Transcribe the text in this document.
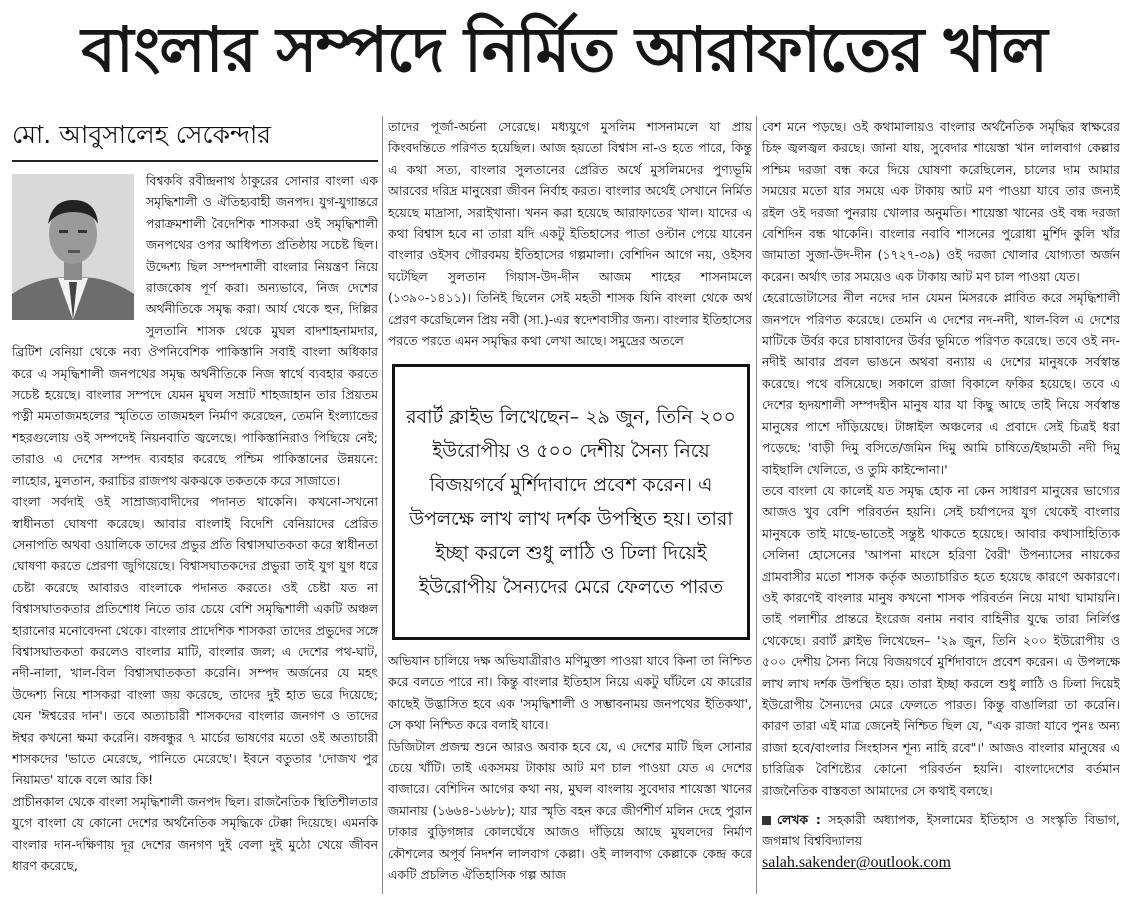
বাংলার সম্পদে নির্মিত আরাফাতের খাল
মো. আবুসালেহ সেকেন্দার

বিশ্বকবি রবীন্দ্রনাথ ঠাকুরের সোনার বাংলা এক সমৃদ্ধিশালী ও ঐতিহ্যবাহী জনপদ। যুগ-যুগান্তরে পরাক্রমশালী বৈদেশিক শাসকরা ওই সমৃদ্ধিশালী জনপথের ওপর আধিপত্য প্রতিষ্ঠায় সচেষ্ট ছিল। উদ্দেশ্য ছিল সম্পদশালী বাংলার নিয়ন্ত্রণ নিয়ে রাজকোষ পূর্ণ করা। অন্যভাবে, নিজ দেশের অর্থনীতিকে সমৃদ্ধ করা। আর্য থেকে হুন, দিল্লির সুলতানি শাসক থেকে মুঘল বাদশাহনামদার, ব্রিটিশ বেনিয়া থেকে নব্য ঔপনিবেশিক পাকিস্তানি সবাই বাংলা অধিকার করে এ সমৃদ্ধিশালী জনপথের সমৃদ্ধ অর্থনীতিকে নিজ স্বার্থে ব্যবহার করতে সচেষ্ট হয়েছে। বাংলার সম্পদে যেমন মুঘল সম্রাট শাহজাহান তার প্রিয়তম পত্নী মমতাজমহলের স্মৃতিতে তাজমহল নির্মাণ করেছেন, তেমনি ইংল্যান্ডের শহরগুলোয় ওই সম্পদেই নিয়নবাতি জ্বলেছে। পাকিস্তানিরাও পিছিয়ে নেই; তারাও এ দেশের সম্পদ ব্যবহার করেছে পশ্চিম পাকিস্তানের উন্নয়নে: লাহোর, মুলতান, করাচির রাজপথ ঝকঝকে তকতকে করে সাজাতে।

বাংলা সর্বদাই ওই সাম্রাজ্যবাদীদের পদানত থাকেনি। কখনো-সখনো স্বাধীনতা ঘোষণা করেছে। আবার বাংলাই বিদেশি বেনিয়াদের প্রেরিত সেনাপতি অথবা ওয়ালিকে তাদের প্রভুর প্রতি বিশ্বাসঘাতকতা করে স্বাধীনতা ঘোষণা করতে প্রেরণা জুগিয়েছে। বিশ্বাসঘাতকদের প্রভুরা তাই যুগ যুগ ধরে চেষ্টা করেছে আবারও বাংলাকে পদানত করতে। ওই চেষ্টা যত না বিশ্বাসঘাতকতার প্রতিশোধ নিতে তার চেয়ে বেশি সমৃদ্ধিশালী একটি অঞ্চল হারানোর মনোবেদনা থেকে। বাংলার প্রাদেশিক শাসকরা তাদের প্রভুদের সঙ্গে বিশ্বাসঘাতকতা করলেও বাংলার মাটি, বাংলার জল; এ দেশের পথ-ঘাট, নদী-নালা, খাল-বিল বিশ্বাসঘাতকতা করেনি। সম্পদ অর্জনের যে মহৎ উদ্দেশ্য নিয়ে শাসকরা বাংলা জয় করেছে, তাদের দুই হাত ভরে দিয়েছে; যেন 'ঈশ্বরের দান'। তবে অত্যাচারী শাসকদের বাংলার জনগণ ও তাদের ঈশ্বর কখনো ক্ষমা করেনি। বঙ্গবন্ধুর ৭ মার্চের ভাষণের মতো ওই অত্যাচারী শাসকদের 'ভাতে মেরেছে, পানিতে মেরেছে'। ইবনে বতুতার 'দোজখ পুর নিয়ামত' যাকে বলে আর কি!

প্রাচীনকাল থেকে বাংলা সমৃদ্ধিশালী জনপদ ছিল। রাজনৈতিক স্থিতিশীলতার যুগে বাংলা যে কোনো দেশের অর্থনৈতিক সমৃদ্ধিকে টেক্কা দিয়েছে। এমনকি বাংলার দান-দক্ষিণায় দূর দেশের জনগণ দুই বেলা দুই মুঠো খেয়ে জীবন ধারণ করেছে,

তাদের পূর্জা-অর্চনা সেরেছে। মধ্যযুগে মুসলিম শাসনামলে যা প্রায় কিংবদন্তিতে পরিণত হয়েছিল। আজ হয়তো বিশ্বাস না-ও হতে পারে, কিন্তু এ কথা সত্য, বাংলার সুলতানের প্রেরিত অর্থে মুসলিমদের পুণ্যভূমি আরবের দরিদ্র মানুষেরা জীবন নির্বাহ করত। বাংলার অর্থেই সেখানে নির্মিত হয়েছে মাদ্রাসা, সরাইখানা। খনন করা হয়েছে আরাফাতের খাল। যাদের এ কথা বিশ্বাস হবে না তারা যদি একটু ইতিহাসের পাতা ওল্টান পেয়ে যাবেন বাংলার ওইসব গৌরবময় ইতিহাসের গল্পমালা। বেশিদিন আগে নয়, ওইসব ঘটেছিল সুলতান গিয়াস-উদ-দীন আজম শাহের শাসনামলে (১৩৯০-১৪১১)। তিনিই ছিলেন সেই মহতী শাসক যিনি বাংলা থেকে অর্থ প্রেরণ করেছিলেন প্রিয় নবী (সা.)-এর স্বদেশবাসীর জন্য। বাংলার ইতিহাসের পরতে পরতে এমন সমৃদ্ধির কথা লেখা আছে। সমুদ্রের অতলে

অভিযান চালিয়ে দক্ষ অভিযাত্রীরাও মণিমুক্তা পাওয়া যাবে কিনা তা নিশ্চিত করে বলতে পারে না। কিন্তু বাংলার ইতিহাস নিয়ে একটু ঘাঁটলে যে কারোর কাছেই উদ্ভাসিত হবে এক 'সমৃদ্ধিশালী ও সম্ভাবনাময় জনপথের ইতিকথা', সে কথা নিশ্চিত করে বলাই যাবে।

ডিজিটাল প্রজন্ম শুনে আরও অবাক হবে যে, এ দেশের মাটি ছিল সোনার চেয়ে খাঁটি। তাই একসময় টাকায় আট মণ চাল পাওয়া যেত এ দেশের বাজারে। বেশিদিন আগের কথা নয়, মুঘল বাংলায় সুবেদার শায়েস্তা খানের জমানায় (১৬৬৪-১৬৮৮); যার স্মৃতি বহন করে জীর্ণশীর্ণ মলিন দেহে পুরান ঢাকার বুড়িগঙ্গার কোলঘেঁষে আজও দাঁড়িয়ে আছে মুঘলদের নির্মাণ কৌশলের অপূর্ব নিদর্শন লালবাগ কেল্লা। ওই লালবাগ কেল্লাকে কেন্দ্র করে একটি প্রচলিত ঐতিহাসিক গল্প আজ

রবার্ট ক্লাইভ লিখেছেন– ২৯ জুন, তিনি ২০০ ইউরোপীয় ও ৫০০ দেশীয় সৈন্য নিয়ে বিজয়গর্বে মুর্শিদাবাদে প্রবেশ করেন। এ উপলক্ষে লাখ লাখ দর্শক উপস্থিত হয়। তারা ইচ্ছা করলে শুধু লাঠি ও ঢিলা দিয়েই ইউরোপীয় সৈন্যদের মেরে ফেলতে পারত

বেশ মনে পড়ছে। ওই কথামালায়ও বাংলার অর্থনৈতিক সমৃদ্ধির স্বাক্ষরের চিহ্ন জ্বলজ্বল করছে। জানা যায়, সুবেদার শায়েস্তা খান লালবাগ কেল্লার পশ্চিম দরজা বন্ধ করে দিয়ে ঘোষণা করেছিলেন, চালের দাম আমার সময়ের মতো যার সময়ে এক টাকায় আট মণ পাওয়া যাবে তার জন্যই রইল ওই দরজা পুনরায় খোলার অনুমতি। শায়েস্তা খানের ওই বন্ধ দরজা বেশিদিন বন্ধ থাকেনি। বাংলার নবাবি শাসনের পুরোধা মুর্শিদ কুলি খাঁর জামাতা সুজা-উদ-দীন (১৭২৭-৩৯) ওই দরজা খোলার যোগ্যতা অর্জন করেন। অর্থাৎ তার সময়েও এক টাকায় আট মণ চাল পাওয়া যেত।

হেরোডোটাসের নীল নদের দান যেমন মিসরকে প্লাবিত করে সমৃদ্ধিশালী জনপদে পরিণত করেছে। তেমনি এ দেশের নদ-নদী, খাল-বিল এ দেশের মাটিকে উর্বর করে চাষাবাদের উর্বর ভূমিতে পরিণত করেছে। তবে ওই নদ-নদীই আবার প্রবল ভাঙনে অথবা বন্যায় এ দেশের মানুষকে সর্বস্বান্ত করেছে। পথে বসিয়েছে। সকালে রাজা বিকালে ফকির হয়েছে। তবে এ দেশের হৃদয়শালী সম্পদহীন মানুষ যার যা কিছু আছে তাই নিয়ে সর্বস্বান্ত মানুষের পাশে দাঁড়িয়েছে। টাঙ্গাইল অঞ্চলের এ প্রবাদে সেই চিত্রই ধরা পড়েছে: 'বাড়ী দিমু বসিতে/জমিন দিমু আমি চাষিতে/ইছামতী নদী দিমু বাইছালি খেলিতে, ও তুমি কাইন্দোনা।'

তবে বাংলা যে কালেই যত সমৃদ্ধ হোক না কেন সাধারণ মানুষের ভাগ্যের আজও খুব বেশি পরিবর্তন হয়নি। সেই চর্যাপদের যুগ থেকেই বাংলার মানুষকে তাই মাছে-ভাতেই সন্তুষ্ট থাকতে হয়েছে। আবার কথাসাহিত্যিক সেলিনা হোসেনের 'আপনা মাংসে হরিণা বৈরী' উপন্যাসের নায়কের গ্রামবাসীর মতো শাসক কর্তৃক অত্যাচারিত হতে হয়েছে কারণে অকারণে। ওই কারণেই বাংলার মানুষ কখনো শাসক পরিবর্তন নিয়ে মাথা ঘামায়নি। তাই পলাশীর প্রান্তরে ইংরেজ বনাম নবাব বাহিনীর যুদ্ধে তারা নির্লিপ্ত থেকেছে। রবার্ট ক্লাইভ লিখেছেন– '২৯ জুন, তিনি ২০০ ইউরোপীয় ও ৫০০ দেশীয় সৈন্য নিয়ে বিজয়গর্বে মুর্শিদাবাদে প্রবেশ করেন। এ উপলক্ষে লাখ লাখ দর্শক উপস্থিত হয়। তারা ইচ্ছা করলে শুধু লাঠি ও ঢিলা দিয়েই ইউরোপীয় সৈন্যদের মেরে ফেলতে পারত। কিন্তু বাঙালিরা তা করেনি। কারণ তারা এই মাত্র জেনেই নিশ্চিত ছিল যে, "এক রাজা যাবে পুনঃ অন্য রাজা হবে/বাংলার সিংহাসন শূন্য নাহি রবে"।' আজও বাংলার মানুষের এ চারিত্রিক বৈশিষ্ট্যের কোনো পরিবর্তন হয়নি। বাংলাদেশের বর্তমান রাজনৈতিক বাস্তবতা আমাদের সে কথাই বলছে।

লেখক : সহকারী অধ্যাপক, ইসলামের ইতিহাস ও সংস্কৃতি বিভাগ, জগন্নাথ বিশ্ববিদ্যালয়
salah.sakender@outlook.com
